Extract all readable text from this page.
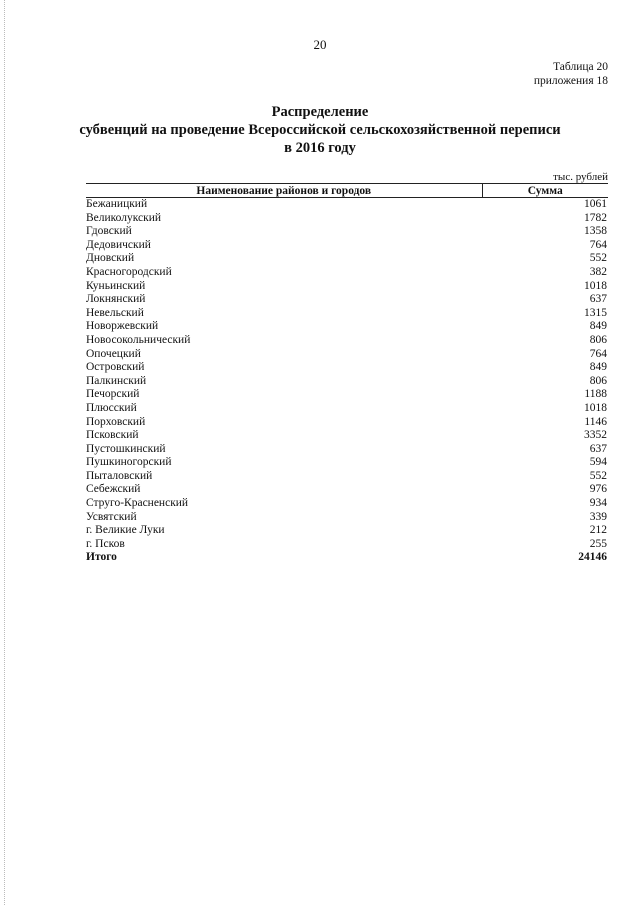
20
Таблица 20
приложения 18
Распределение
субвенций на проведение Всероссийской сельскохозяйственной переписи
в 2016 году
тыс. рублей
Наименование районов и городов	Сумма
Бежаницкий	1061
Великолукский	1782
Гдовский	1358
Дедовичский	764
Дновский	552
Красногородский	382
Куньинский	1018
Локнянский	637
Невельский	1315
Новоржевский	849
Новосокольнический	806
Опочецкий	764
Островский	849
Палкинский	806
Печорский	1188
Плюсский	1018
Порховский	1146
Псковский	3352
Пустошкинский	637
Пушкиногорский	594
Пыталовский	552
Себежский	976
Струго-Красненский	934
Усвятский	339
г. Великие Луки	212
г. Псков	255
Итого	24146
